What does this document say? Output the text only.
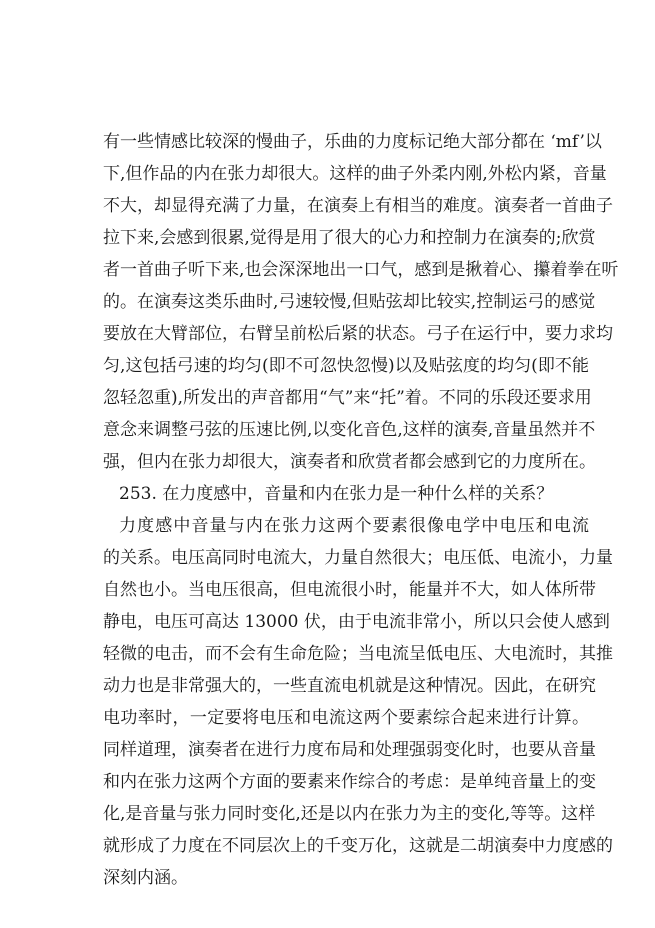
有一些情感比较深的慢曲子，乐曲的力度标记绝大部分都在 ‘mf’以
下,但作品的内在张力却很大。这样的曲子外柔内刚,外松内紧，音量
不大，却显得充满了力量，在演奏上有相当的难度。演奏者一首曲子
拉下来,会感到很累,觉得是用了很大的心力和控制力在演奏的;欣赏
者一首曲子听下来,也会深深地出一口气，感到是揪着心、攥着拳在听
的。在演奏这类乐曲时,弓速较慢,但贴弦却比较实,控制运弓的感觉
要放在大臂部位，右臂呈前松后紧的状态。弓子在运行中，要力求均
匀,这包括弓速的均匀(即不可忽快忽慢)以及贴弦度的均匀(即不能
忽轻忽重),所发出的声音都用“气”来“托”着。不同的乐段还要求用
意念来调整弓弦的压速比例,以变化音色,这样的演奏,音量虽然并不
强，但内在张力却很大，演奏者和欣赏者都会感到它的力度所在。
253. 在力度感中，音量和内在张力是一种什么样的关系？
力度感中音量与内在张力这两个要素很像电学中电压和电流
的关系。电压高同时电流大，力量自然很大；电压低、电流小，力量
自然也小。当电压很高，但电流很小时，能量并不大，如人体所带
静电，电压可高达 13000 伏，由于电流非常小，所以只会使人感到
轻微的电击，而不会有生命危险；当电流呈低电压、大电流时，其推
动力也是非常强大的，一些直流电机就是这种情况。因此，在研究
电功率时，一定要将电压和电流这两个要素综合起来进行计算。
同样道理，演奏者在进行力度布局和处理强弱变化时，也要从音量
和内在张力这两个方面的要素来作综合的考虑：是单纯音量上的变
化,是音量与张力同时变化,还是以内在张力为主的变化,等等。这样
就形成了力度在不同层次上的千变万化，这就是二胡演奏中力度感的
深刻内涵。
